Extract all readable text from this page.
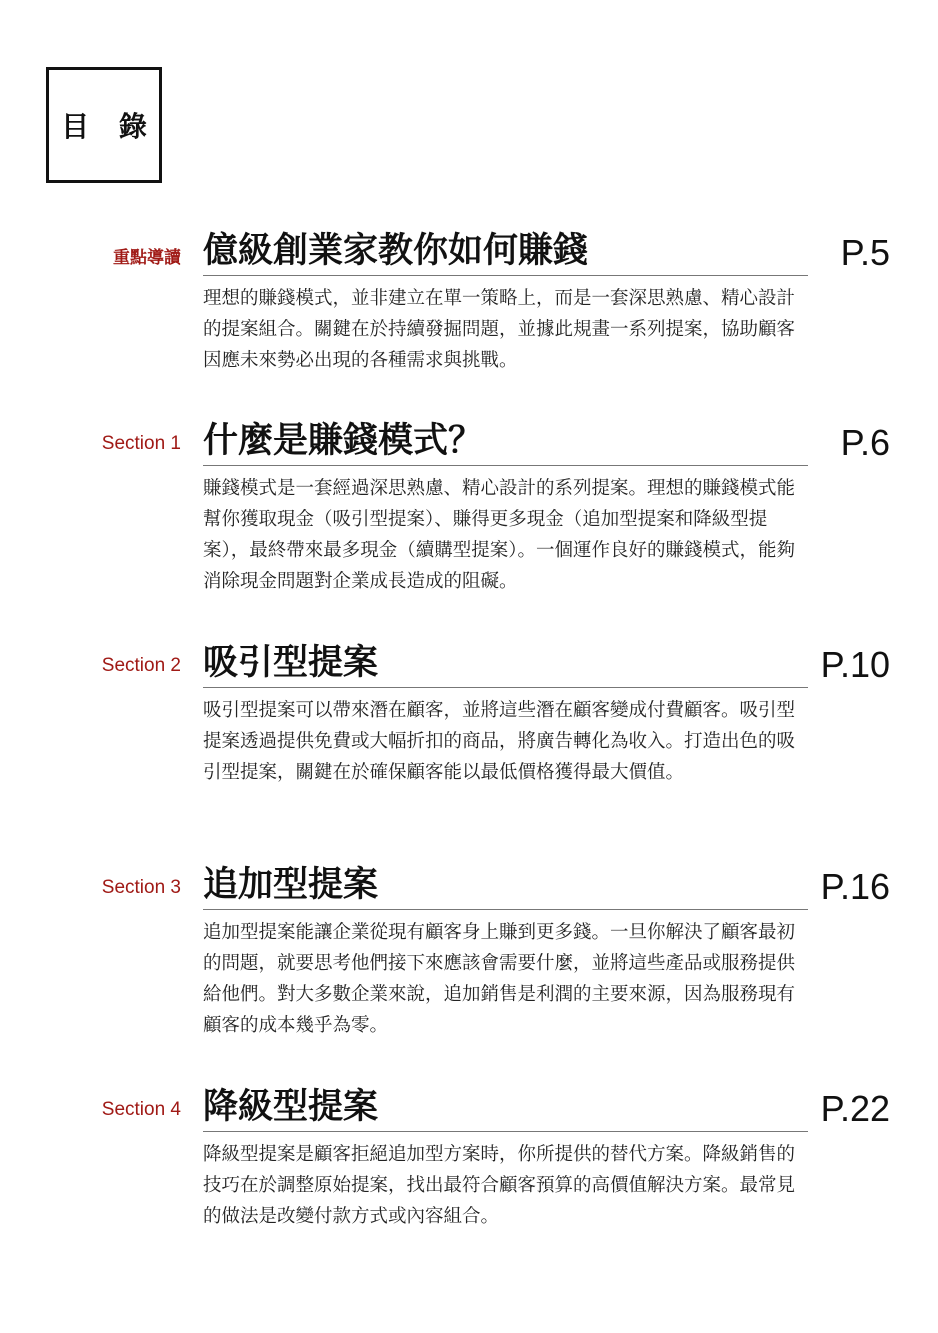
目 錄
重點導讀 億級創業家教你如何賺錢	P.5
理想的賺錢模式，並非建立在單一策略上，而是一套深思熟慮、精心設計的提案組合。關鍵在於持續發掘問題，並據此規畫一系列提案，協助顧客因應未來勢必出現的各種需求與挑戰。
Section 1 什麼是賺錢模式？	P.6
賺錢模式是一套經過深思熟慮、精心設計的系列提案。理想的賺錢模式能幫你獲取現金（吸引型提案）、賺得更多現金（追加型提案和降級型提案），最終帶來最多現金（續購型提案）。一個運作良好的賺錢模式，能夠消除現金問題對企業成長造成的阻礙。
Section 2 吸引型提案	P.10
吸引型提案可以帶來潛在顧客，並將這些潛在顧客變成付費顧客。吸引型提案透過提供免費或大幅折扣的商品，將廣告轉化為收入。打造出色的吸引型提案，關鍵在於確保顧客能以最低價格獲得最大價值。
Section 3 追加型提案	P.16
追加型提案能讓企業從現有顧客身上賺到更多錢。一旦你解決了顧客最初的問題，就要思考他們接下來應該會需要什麼，並將這些產品或服務提供給他們。對大多數企業來說，追加銷售是利潤的主要來源，因為服務現有顧客的成本幾乎為零。
Section 4 降級型提案	P.22
降級型提案是顧客拒絕追加型方案時，你所提供的替代方案。降級銷售的技巧在於調整原始提案，找出最符合顧客預算的高價值解決方案。最常見的做法是改變付款方式或內容組合。
